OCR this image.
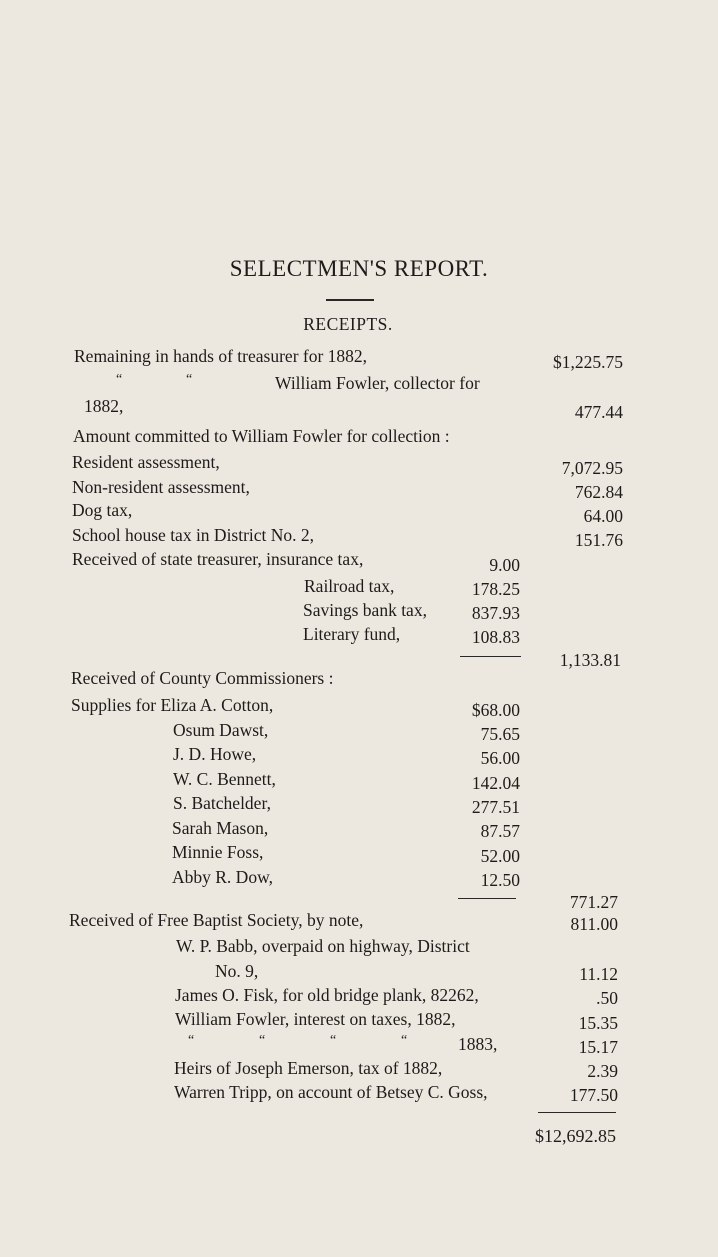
SELECTMEN'S REPORT.
RECEIPTS.
Remaining in hands of treasurer for 1882,	$1,225.75
“	“	William Fowler, collector for
1882,	477.44
Amount committed to William Fowler for collection :
Resident assessment,	7,072.95
Non-resident assessment,	762.84
Dog tax,	64.00
School house tax in District No. 2,	151.76
Received of state treasurer, insurance tax,	9.00
Railroad tax,	178.25
Savings bank tax,	837.93
Literary fund,	108.83
1,133.81
Received of County Commissioners :
Supplies for Eliza A. Cotton,	$68.00
Osum Dawst,	75.65
J. D. Howe,	56.00
W. C. Bennett,	142.04
S. Batchelder,	277.51
Sarah Mason,	87.57
Minnie Foss,	52.00
Abby R. Dow,	12.50
771.27
Received of Free Baptist Society, by note,	811.00
W. P. Babb, overpaid on highway, District
No. 9,	11.12
James O. Fisk, for old bridge plank, 82262,	.50
William Fowler, interest on taxes, 1882,	15.35
“	“	“	“	1883,	15.17
Heirs of Joseph Emerson, tax of 1882,	2.39
Warren Tripp, on account of Betsey C. Goss,	177.50
$12,692.85
